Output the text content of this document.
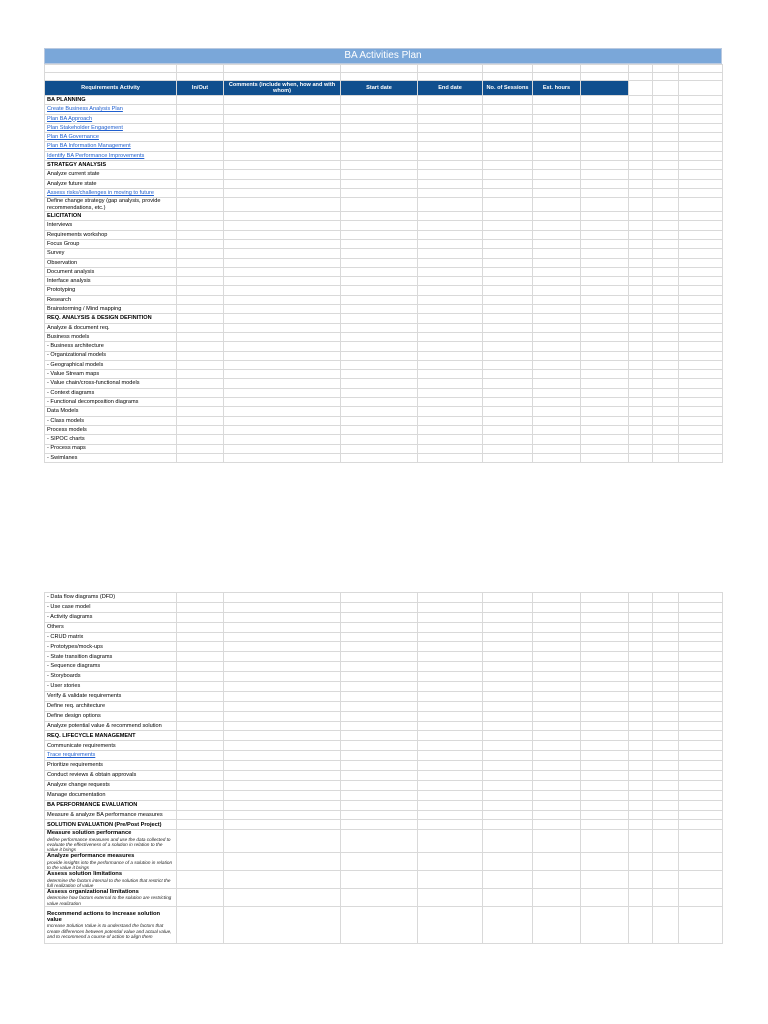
BA Activities Plan

Requirements Activity	In/Out	Comments (include when, how and with whom)	Start date	End date	No. of Sessions	Est. hours				
BA PLANNING										
Create Business Analysis Plan										
Plan BA Approach										
Plan Stakeholder Engagement										
Plan BA Governance										
Plan BA Information Management										
Identify BA Performance Improvements										
STRATEGY ANALYSIS										
Analyze current state										
Analyze future state										
Assess risks/challenges in moving to future										
Define change strategy (gap analysis, provide recommendations, etc.)										
ELICITATION										
Interviews										
Requirements workshop										
Focus Group										
Survey										
Observation										
Document analysis										
Interface analysis										
Prototyping										
Research										
Brainstorming / Mind mapping										
REQ. ANALYSIS & DESIGN DEFINITION										
Analyze & document req.										
Business models										
- Business architecture										
- Organizational models										
- Geographical models										
- Value Stream maps										
- Value chain/cross-functional models										
- Context diagrams										
- Functional decomposition diagrams										
Data Models										
- Class models										
Process models										
- SIPOC charts										
- Process maps										
- Swimlanes										
- Data flow diagrams (DFD)										
- Use case model										
- Activity diagrams										
Others										
- CRUD matrix										
- Prototypes/mock-ups										
- State transition diagrams										
- Sequence diagrams										
- Storyboards										
- User stories										
Verify & validate requirements										
Define req. architecture										
Define design options										
Analyze potential value & recommend solution										
REQ. LIFECYCLE MANAGEMENT										
Communicate requirements										
Trace requirements										
Prioritize requirements										
Conduct reviews & obtain approvals										
Analyze change requests										
Manage documentation										
BA PERFORMANCE EVALUATION										
Measure & analyze BA performance measures										
SOLUTION EVALUATION (Pre/Post Project)										

Measure solution performance
define performance measures and use the data collected to evaluate the effectiveness of a solution in relation to the value it brings										

Analyze performance measures
provide insights into the performance of a solution in relation to the value it brings										

Assess solution limitations
determine the factors internal to the solution that restrict the full realization of value										

Assess organizational limitations
determine how factors external to the solution are restricting value realization										

Recommend actions to increase solution value
Increase Solution Value is to understand the factors that create differences between potential value and actual value, and to recommend a course of action to align them										
